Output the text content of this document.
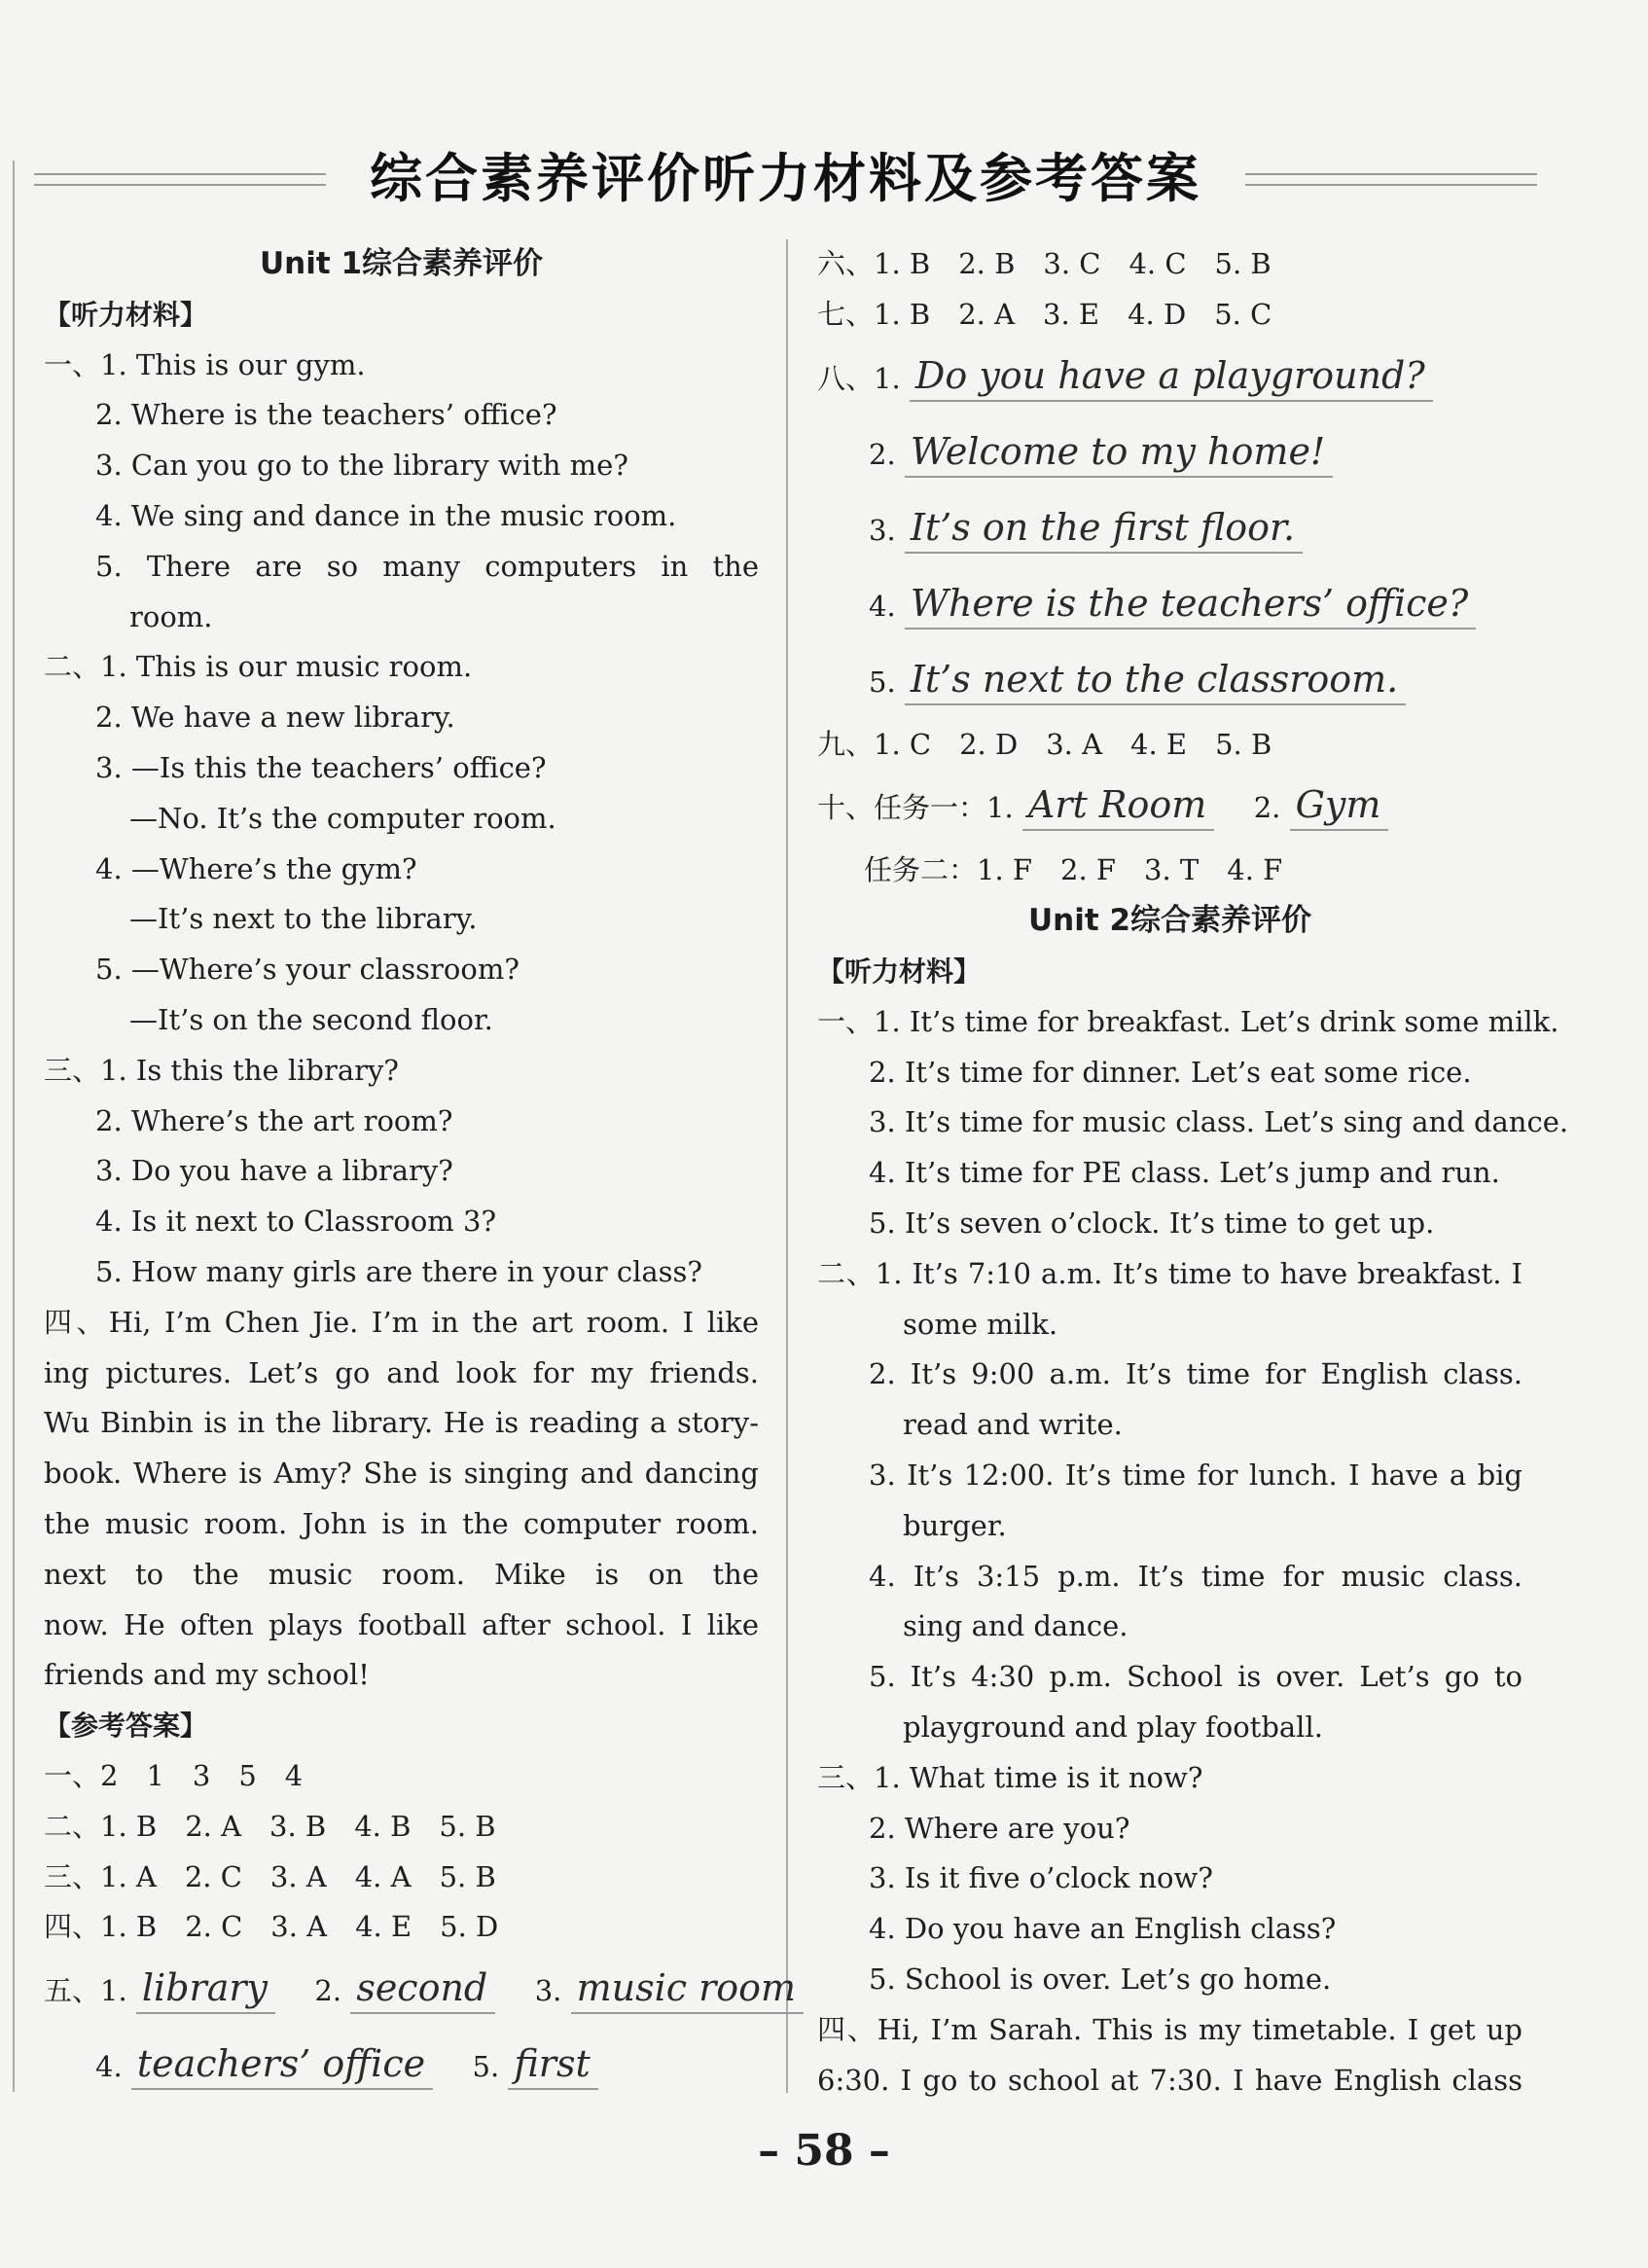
综合素养评价听力材料及参考答案
Unit 1综合素养评价
【听力材料】
一、1. This is our gym.
2. Where is the teachers’ office?
3. Can you go to the library with me?
4. We sing and dance in the music room.
5. There are so many computers in the
room.
二、1. This is our music room.
2. We have a new library.
3. —Is this the teachers’ office?
—No. It’s the computer room.
4. —Where’s the gym?
—It’s next to the library.
5. —Where’s your classroom?
—It’s on the second floor.
三、1. Is this the library?
2. Where’s the art room?
3. Do you have a library?
4. Is it next to Classroom 3?
5. How many girls are there in your class?
四、Hi, I’m Chen Jie. I’m in the art room. I like
ing pictures. Let’s go and look for my friends.
Wu Binbin is in the library. He is reading a story-
book. Where is Amy? She is singing and dancing
the music room. John is in the computer room.
next to the music room. Mike is on the
now. He often plays football after school. I like
friends and my school!
【参考答案】
一、2　1　3　5　4
二、1. B　2. A　3. B　4. B　5. B
三、1. A　2. C　3. A　4. A　5. B
四、1. B　2. C　3. A　4. E　5. D
五、1. library 2. second 3. music room
4. teachers’ office 5. first
六、1. B　2. B　3. C　4. C　5. B
七、1. B　2. A　3. E　4. D　5. C
八、1. Do you have a playground?
2. Welcome to my home!
3. It’s on the first floor.
4. Where is the teachers’ office?
5. It’s next to the classroom.
九、1. C　2. D　3. A　4. E　5. B
十、任务一：1. Art Room 2. Gym
任务二：1. F　2. F　3. T　4. F
Unit 2综合素养评价
【听力材料】
一、1. It’s time for breakfast. Let’s drink some milk.
2. It’s time for dinner. Let’s eat some rice.
3. It’s time for music class. Let’s sing and dance.
4. It’s time for PE class. Let’s jump and run.
5. It’s seven o’clock. It’s time to get up.
二、1. It’s 7:10 a.m. It’s time to have breakfast. I
some milk.
2. It’s 9:00 a.m. It’s time for English class.
read and write.
3. It’s 12:00. It’s time for lunch. I have a big
burger.
4. It’s 3:15 p.m. It’s time for music class.
sing and dance.
5. It’s 4:30 p.m. School is over. Let’s go to
playground and play football.
三、1. What time is it now?
2. Where are you?
3. Is it five o’clock now?
4. Do you have an English class?
5. School is over. Let’s go home.
四、Hi, I’m Sarah. This is my timetable. I get up
6:30. I go to school at 7:30. I have English class
– 58 –
